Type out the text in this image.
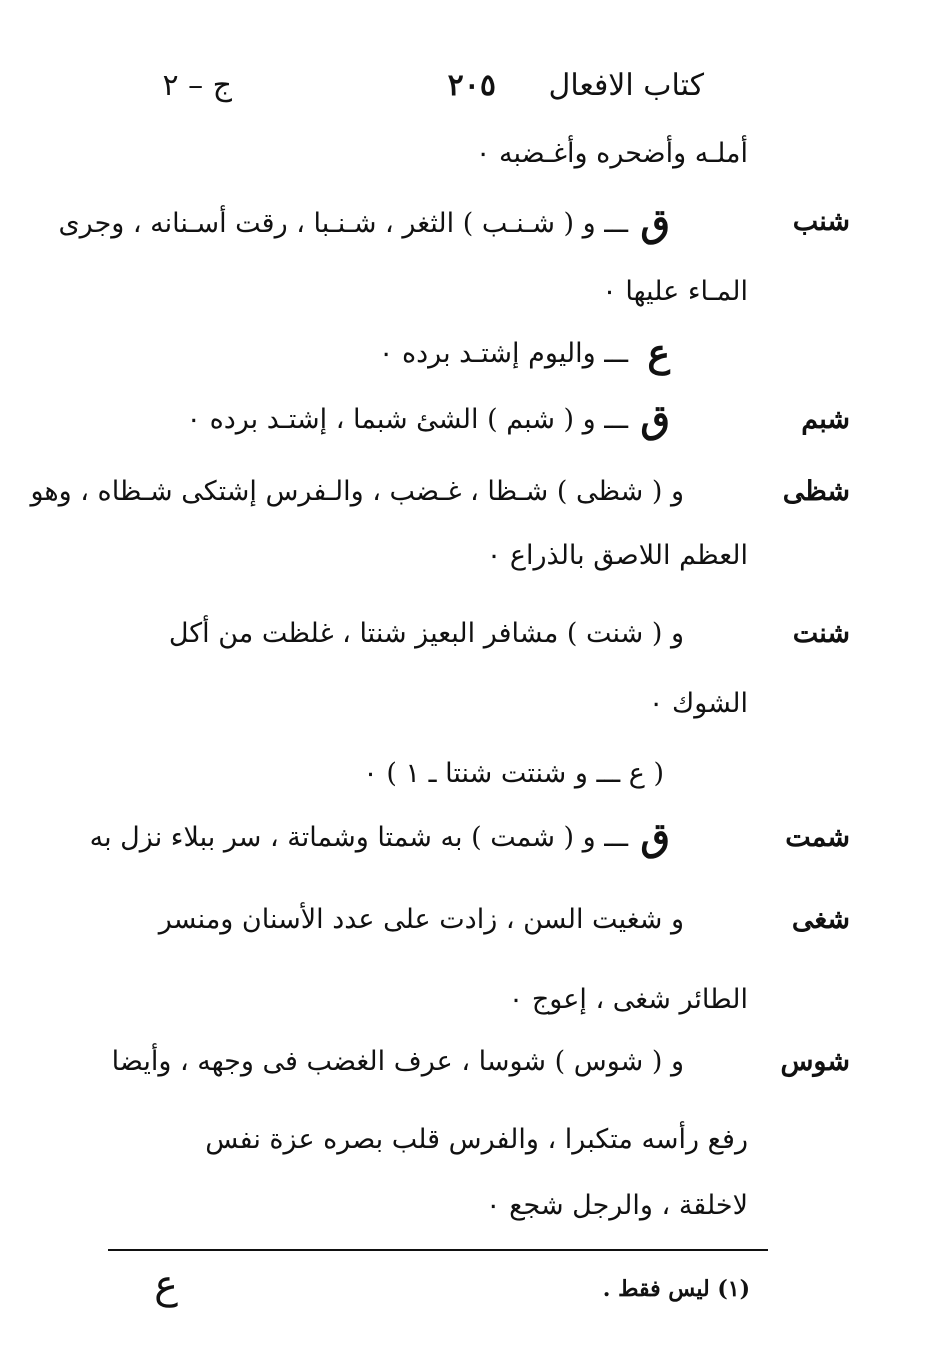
كتاب الافعال
٢٠٥
ج – ٢
أملـه وأضحره وأغـضبه ٠
شنب
ق
ـــ و ( شـنـب ) الثغر ، شـنـبا ، رقت أسـنانه ، وجرى
المـاء عليها ٠
ع
ـــ واليوم إشتـد برده ٠
شبم
ق
ـــ و ( شبم ) الشئ شبما ، إشتـد برده ٠
شظى
و ( شظى ) شـظا ، غـضب ، والـفرس إشتكى شـظاه ، وهو
العظم اللاصق بالذراع ٠
شنت
و ( شنت ) مشافر البعيز شنتا ، غلظت من أكل
الشوك ٠
( ع ـــ و شنتت شنتا ـ ١ ) ٠
شمت
ق
ـــ و ( شمت ) به شمتا وشماتة ، سر ببلاء نزل به
شغى
و شغيت السن ، زادت على عدد الأسنان ومنسر
الطائر شغى ، إعوج ٠
شوس
و ( شوس ) شوسا ، عرف الغضب فى وجهه ، وأيضا
رفع رأسه متكبرا ، والفرس قلب بصره عزة نفس
لاخلقة ، والرجل شجع ٠
(١) ليس فقط .
ع
